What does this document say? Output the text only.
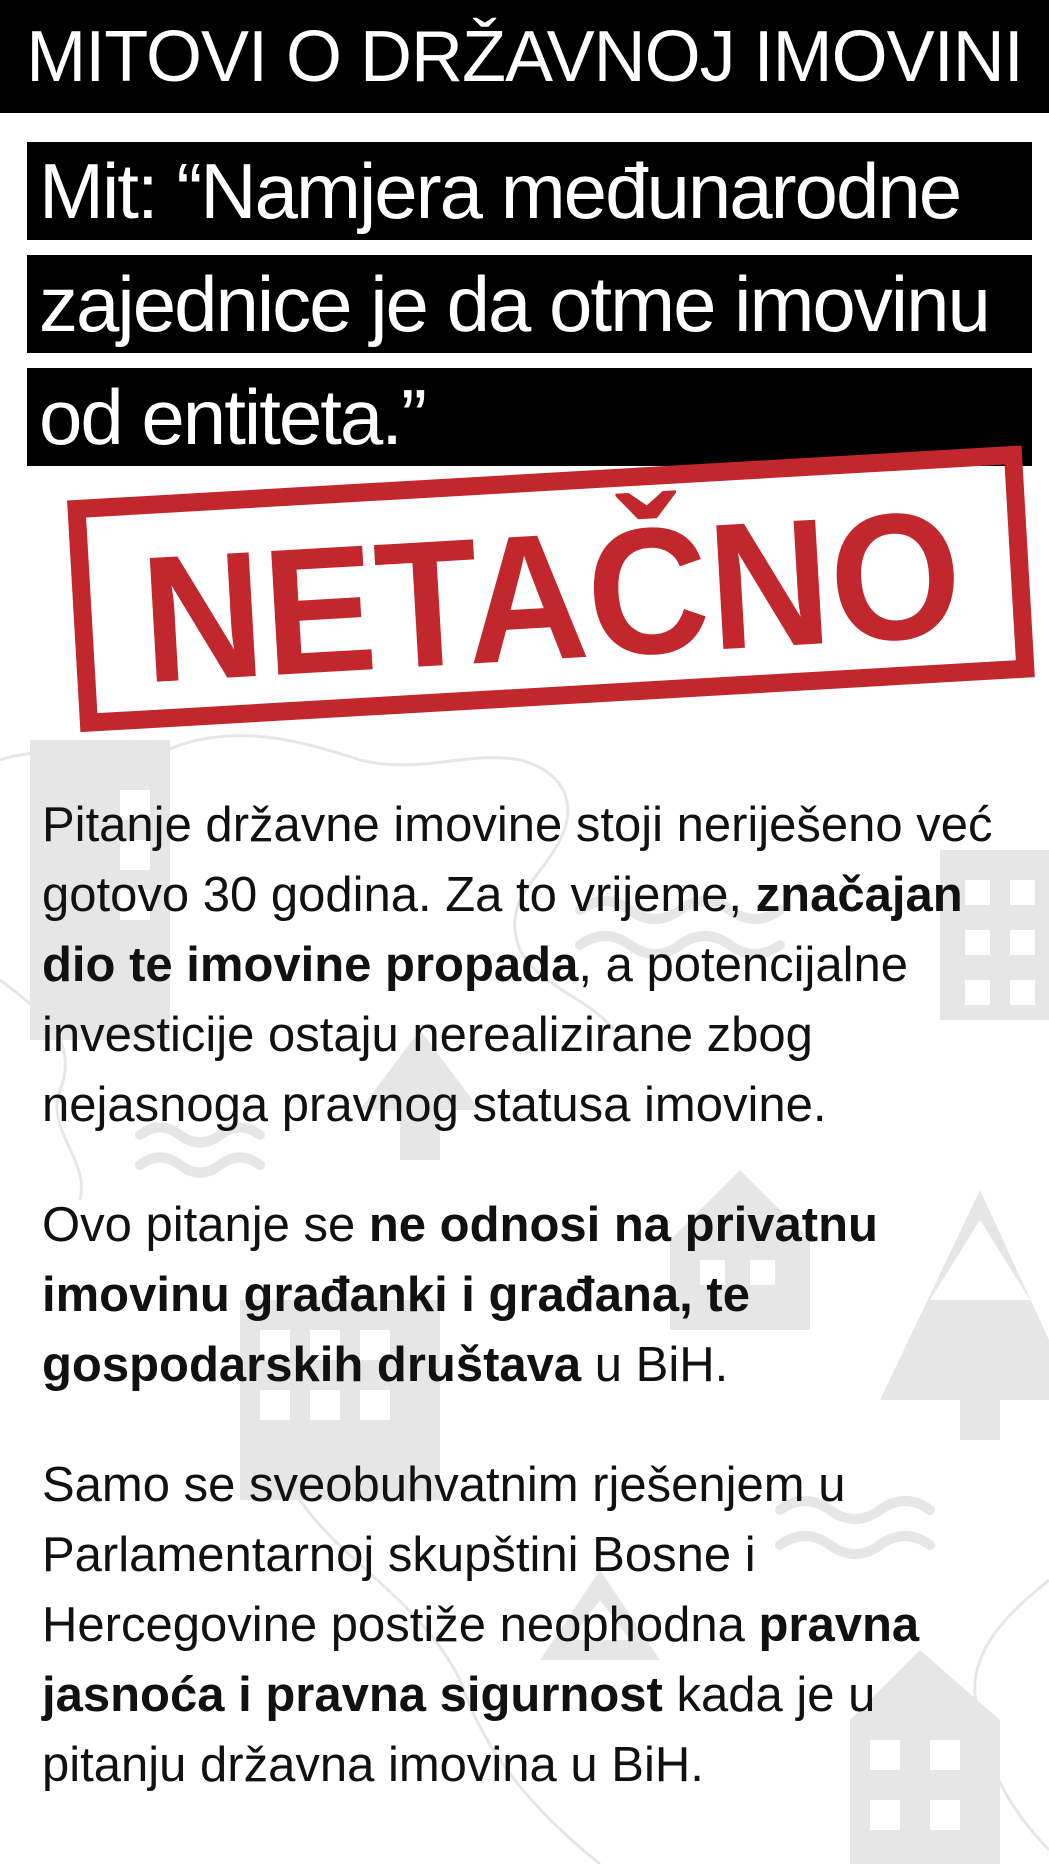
MITOVI O DRŽAVNOJ IMOVINI
Mit: “Namjera međunarodne
zajednice je da otme imovinu
od entiteta.”
NETAČNO

Pitanje državne imovine stoji neriješeno već gotovo 30 godina. Za to vrijeme, značajan dio te imovine propada, a potencijalne investicije ostaju nerealizirane zbog nejasnoga pravnog statusa imovine.

Ovo pitanje se ne odnosi na privatnu imovinu građanki i građana, te gospodarskih društava u BiH.

Samo se sveobuhvatnim rješenjem u Parlamentarnoj skupštini Bosne i Hercegovine postiže neophodna pravna jasnoća i pravna sigurnost kada je u pitanju državna imovina u BiH.
